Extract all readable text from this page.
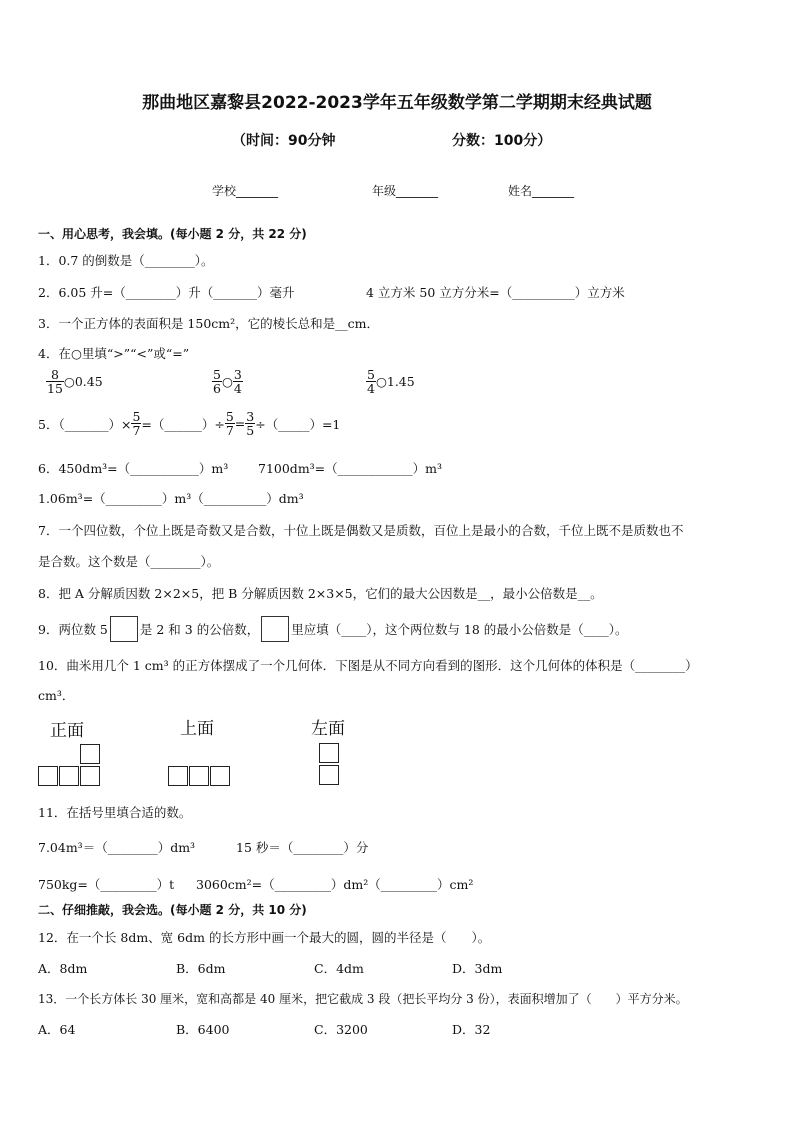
那曲地区嘉黎县2022-2023学年五年级数学第二学期期末经典试题
（时间：90分钟	分数：100分）
学校_______	年级_______	姓名_______
一、用心思考，我会填。(每小题 2 分，共 22 分)
1．0.7 的倒数是（________）。
2．6.05 升=（________）升（_______）毫升	4 立方米 50 立方分米=（__________）立方米
3．一个正方体的表面积是 150cm²，它的棱长总和是__cm．
4．在○里填“>”“<”或“=”
$\frac{8}{15}$ ○0.45	$\frac{5}{6}$ ○ $\frac{3}{4}$	$\frac{5}{4}$ ○1.45
5．（_______）× $\frac{5}{7}$ =（______）÷ $\frac{5}{7} = \frac{3}{5}$ ÷（_____）=1
6．450dm³=（___________）m³ 7100dm³=（____________）m³
1.06m³=（_________）m³（__________）dm³
7．一个四位数，个位上既是奇数又是合数，十位上既是偶数又是质数，百位上是最小的合数，千位上既不是质数也不
是合数。这个数是（________）。
8．把 A 分解质因数 2×2×5，把 B 分解质因数 2×3×5，它们的最大公因数是__，最小公倍数是__。
9．两位数 5	是 2 和 3 的公倍数，	里应填（____），这个两位数与 18 的最小公倍数是（____）。
10．曲米用几个 1 cm³ 的正方体摆成了一个几何体．下图是从不同方向看到的图形．这个几何体的体积是（________）
cm³．
正面	上面	左面
11．在括号里填合适的数。
7.04m³＝（________）dm³	15 秒＝（________）分
750kg=（_________）t 3060cm²=（_________）dm²（_________）cm²
二、仔细推敲，我会选。(每小题 2 分，共 10 分)
12．在一个长 8dm、宽 6dm 的长方形中画一个最大的圆，圆的半径是（　　）。
A．8dm	B．6dm	C．4dm	D．3dm
13．一个长方体长 30 厘米，宽和高都是 40 厘米，把它截成 3 段（把长平均分 3 份），表面积增加了（　　）平方分米。
A．64	B．6400	C．3200	D．32
